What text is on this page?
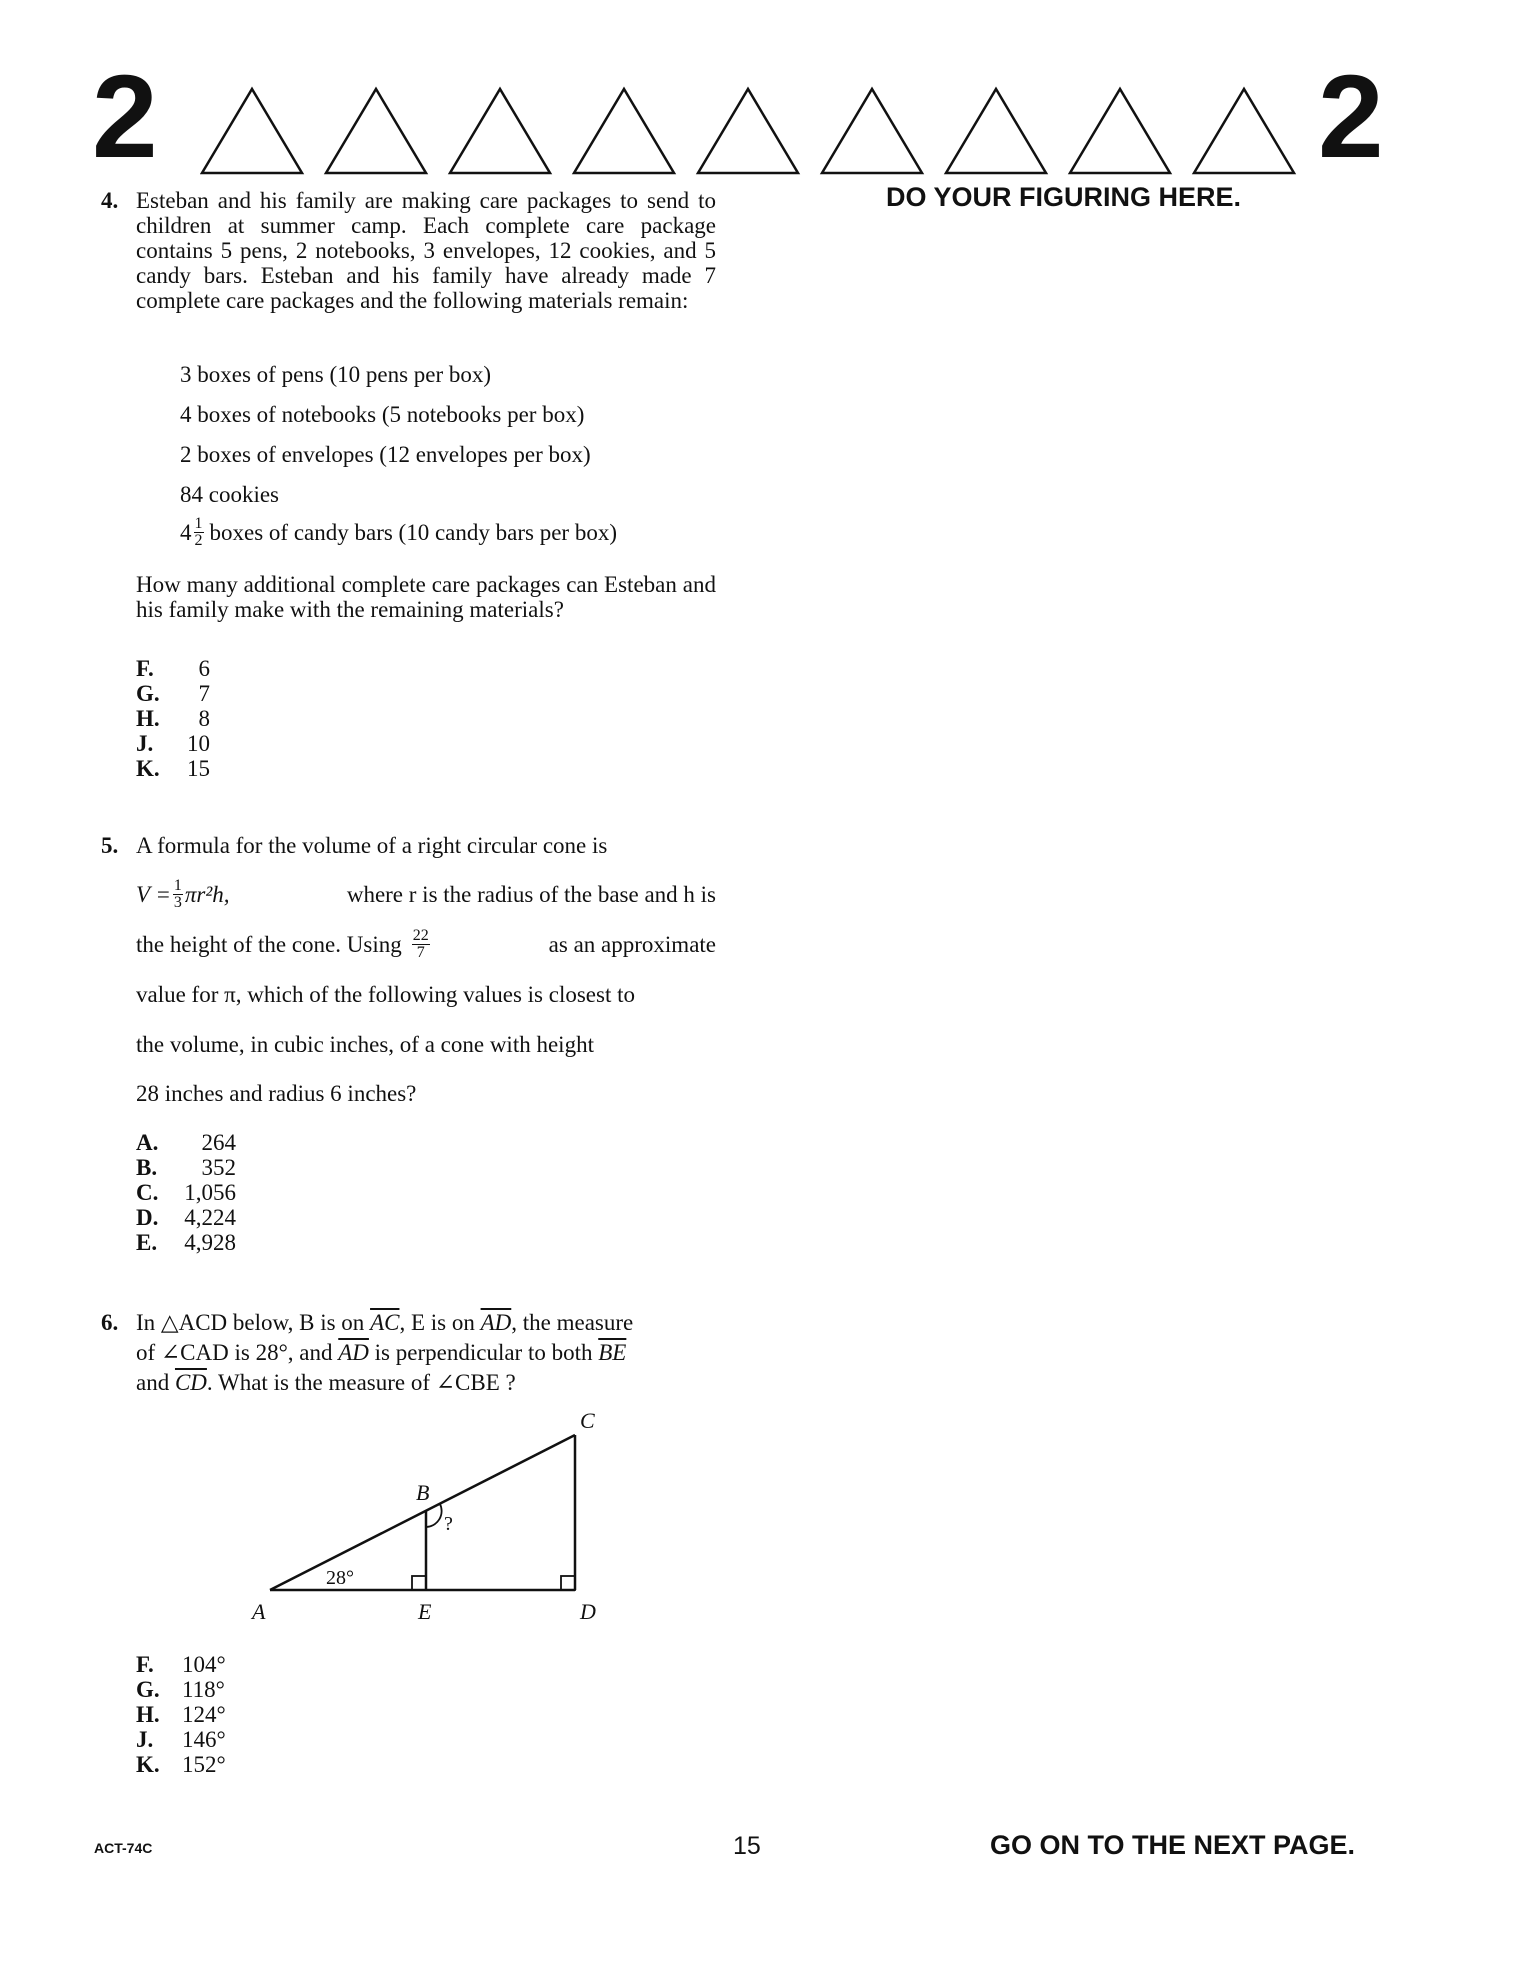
2	2
DO YOUR FIGURING HERE.
4. Esteban and his family are making care packages to send to children at summer camp. Each complete care package contains 5 pens, 2 notebooks, 3 envelopes, 12 cookies, and 5 candy bars. Esteban and his family have already made 7 complete care packages and the following materials remain:
3 boxes of pens (10 pens per box)
4 boxes of notebooks (5 notebooks per box)
2 boxes of envelopes (12 envelopes per box)
84 cookies
$4 \frac{1}{2}$ boxes of candy bars (10 candy bars per box)
How many additional complete care packages can Esteban and his family make with the remaining materials?
F.	6
G.	7
H.	8
J.	10
K.	15
5. A formula for the volume of a right circular cone is
$V = \frac{1}{3} \pi r^2h$,	where r is the radius of the base and h is
the height of the cone. Using $\frac{22}{7}$	as an approximate
value for π, which of the following values is closest to
the volume, in cubic inches, of a cone with height
28 inches and radius 6 inches?
A.	264
B.	352
C.	1,056
D.	4,224
E.	4,928
6. In △ACD below, B is on
$\overline{AC}$ , E is on
$\overline{AD}$ , the measure
of ∠CAD is 28°, and
$\overline{AD}$
is perpendicular to both
$\overline{BE}$
and
$\overline{CD}$ . What is the measure of ∠CBE ?
A
B
C
D
E
28°
?
F.	104°
G. 118°
H. 124°
J.	146°
K. 152°
ACT-74C	15	GO ON TO THE NEXT PAGE.
